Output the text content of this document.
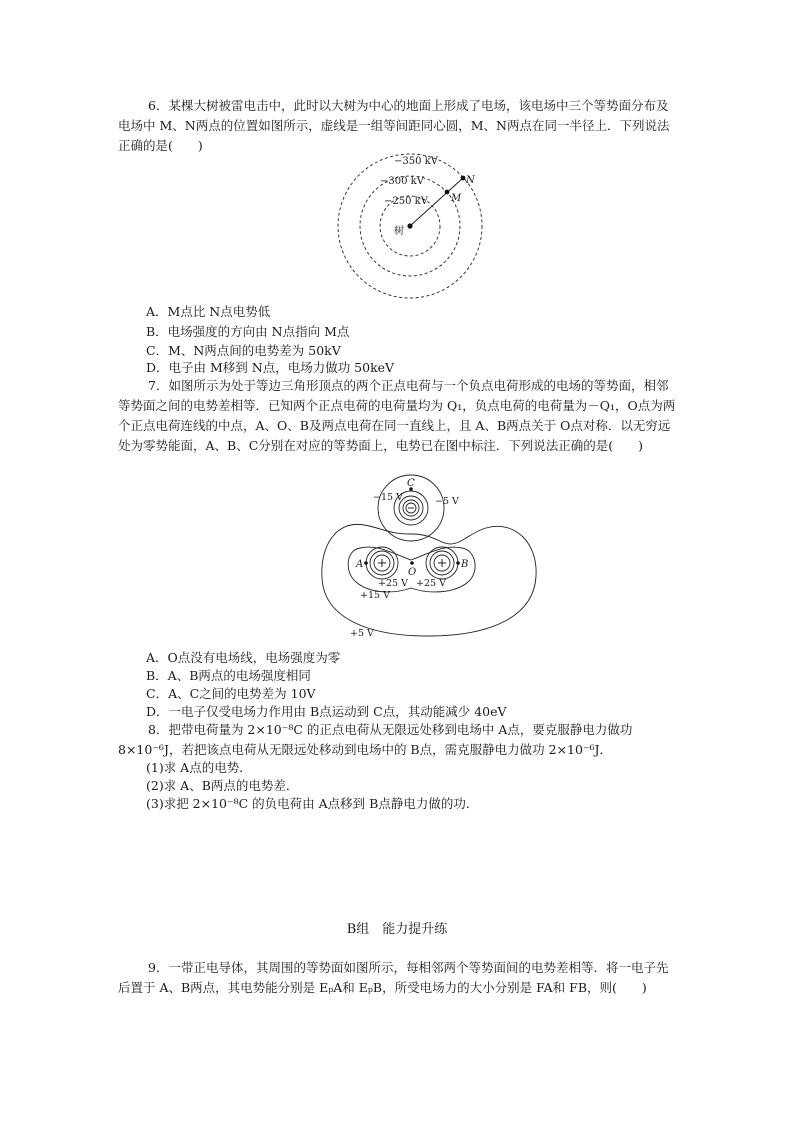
6．某棵大树被雷电击中，此时以大树为中心的地面上形成了电场，该电场中三个等势面分布及电场中 M、N两点的位置如图所示，虚线是一组等间距同心圆，M、N两点在同一半径上．下列说法正确的是(　　)

−350 kV
−300 kV
−250 kV
树
M
N

A．M点比 N点电势低

B．电场强度的方向由 N点指向 M点

C．M、N两点间的电势差为 50kV

D．电子由 M移到 N点，电场力做功 50keV

7．如图所示为处于等边三角形顶点的两个正点电荷与一个负点电荷形成的电场的等势面，相邻等势面之间的电势差相等．已知两个正点电荷的电荷量均为 Q₁，负点电荷的电荷量为－Q₁，O点为两个正点电荷连线的中点，A、O、B及两点电荷在同一直线上，且 A、B两点关于 O点对称．以无穷远处为零势能面，A、B、C分别在对应的等势面上，电势已在图中标注．下列说法正确的是(　　)

C
−15 V	−5 V
A	B
O
+25 V +25 V
+15 V
+5 V

A．O点没有电场线，电场强度为零

B．A、B两点的电场强度相同

C．A、C之间的电势差为 10V

D．一电子仅受电场力作用由 B点运动到 C点，其动能减少 40eV

8．把带电荷量为 2×10⁻⁸C 的正点电荷从无限远处移到电场中 A点，要克服静电力做功 8×10⁻⁶J，若把该点电荷从无限远处移动到电场中的 B点，需克服静电力做功 2×10⁻⁶J．

(1)求 A点的电势．

(2)求 A、B两点的电势差．

(3)求把 2×10⁻⁸C 的负电荷由 A点移到 B点静电力做的功．

B组　能力提升练

9．一带正电导体，其周围的等势面如图所示，每相邻两个等势面间的电势差相等．将一电子先后置于 A、B两点，其电势能分别是 EₚA和 EₚB，所受电场力的大小分别是 FA和 FB，则(　　)
